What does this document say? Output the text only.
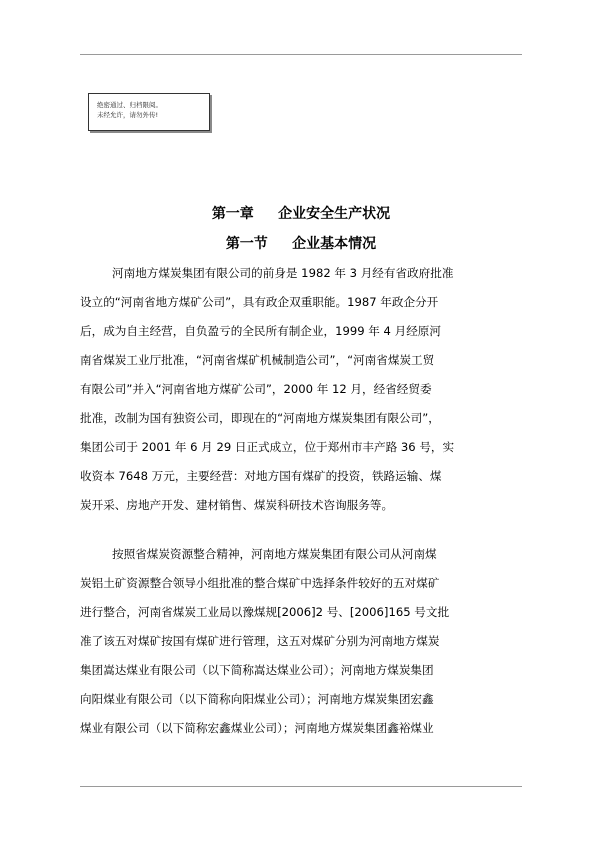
绝密通过、归档限阅。
未经允许，请勿外传!
第一章     企业安全生产状况
第一节     企业基本情况
河南地方煤炭集团有限公司的前身是 1982 年 3 月经有省政府批准
设立的“河南省地方煤矿公司”，具有政企双重职能。1987 年政企分开
后，成为自主经营，自负盈亏的全民所有制企业，1999 年 4 月经原河
南省煤炭工业厅批准，“河南省煤矿机械制造公司”，“河南省煤炭工贸
有限公司”并入“河南省地方煤矿公司”，2000 年 12 月，经省经贸委
批准，改制为国有独资公司，即现在的“河南地方煤炭集团有限公司”，
集团公司于 2001 年 6 月 29 日正式成立，位于郑州市丰产路 36 号，实
收资本 7648 万元，主要经营：对地方国有煤矿的投资，铁路运输、煤
炭开采、房地产开发、建材销售、煤炭科研技术咨询服务等。
按照省煤炭资源整合精神，河南地方煤炭集团有限公司从河南煤
炭铝土矿资源整合领导小组批准的整合煤矿中选择条件较好的五对煤矿
进行整合，河南省煤炭工业局以豫煤规[2006]2 号、[2006]165 号文批
准了该五对煤矿按国有煤矿进行管理，这五对煤矿分别为河南地方煤炭
集团嵩达煤业有限公司（以下简称嵩达煤业公司）；河南地方煤炭集团
向阳煤业有限公司（以下简称向阳煤业公司）；河南地方煤炭集团宏鑫
煤业有限公司（以下简称宏鑫煤业公司）；河南地方煤炭集团鑫裕煤业
